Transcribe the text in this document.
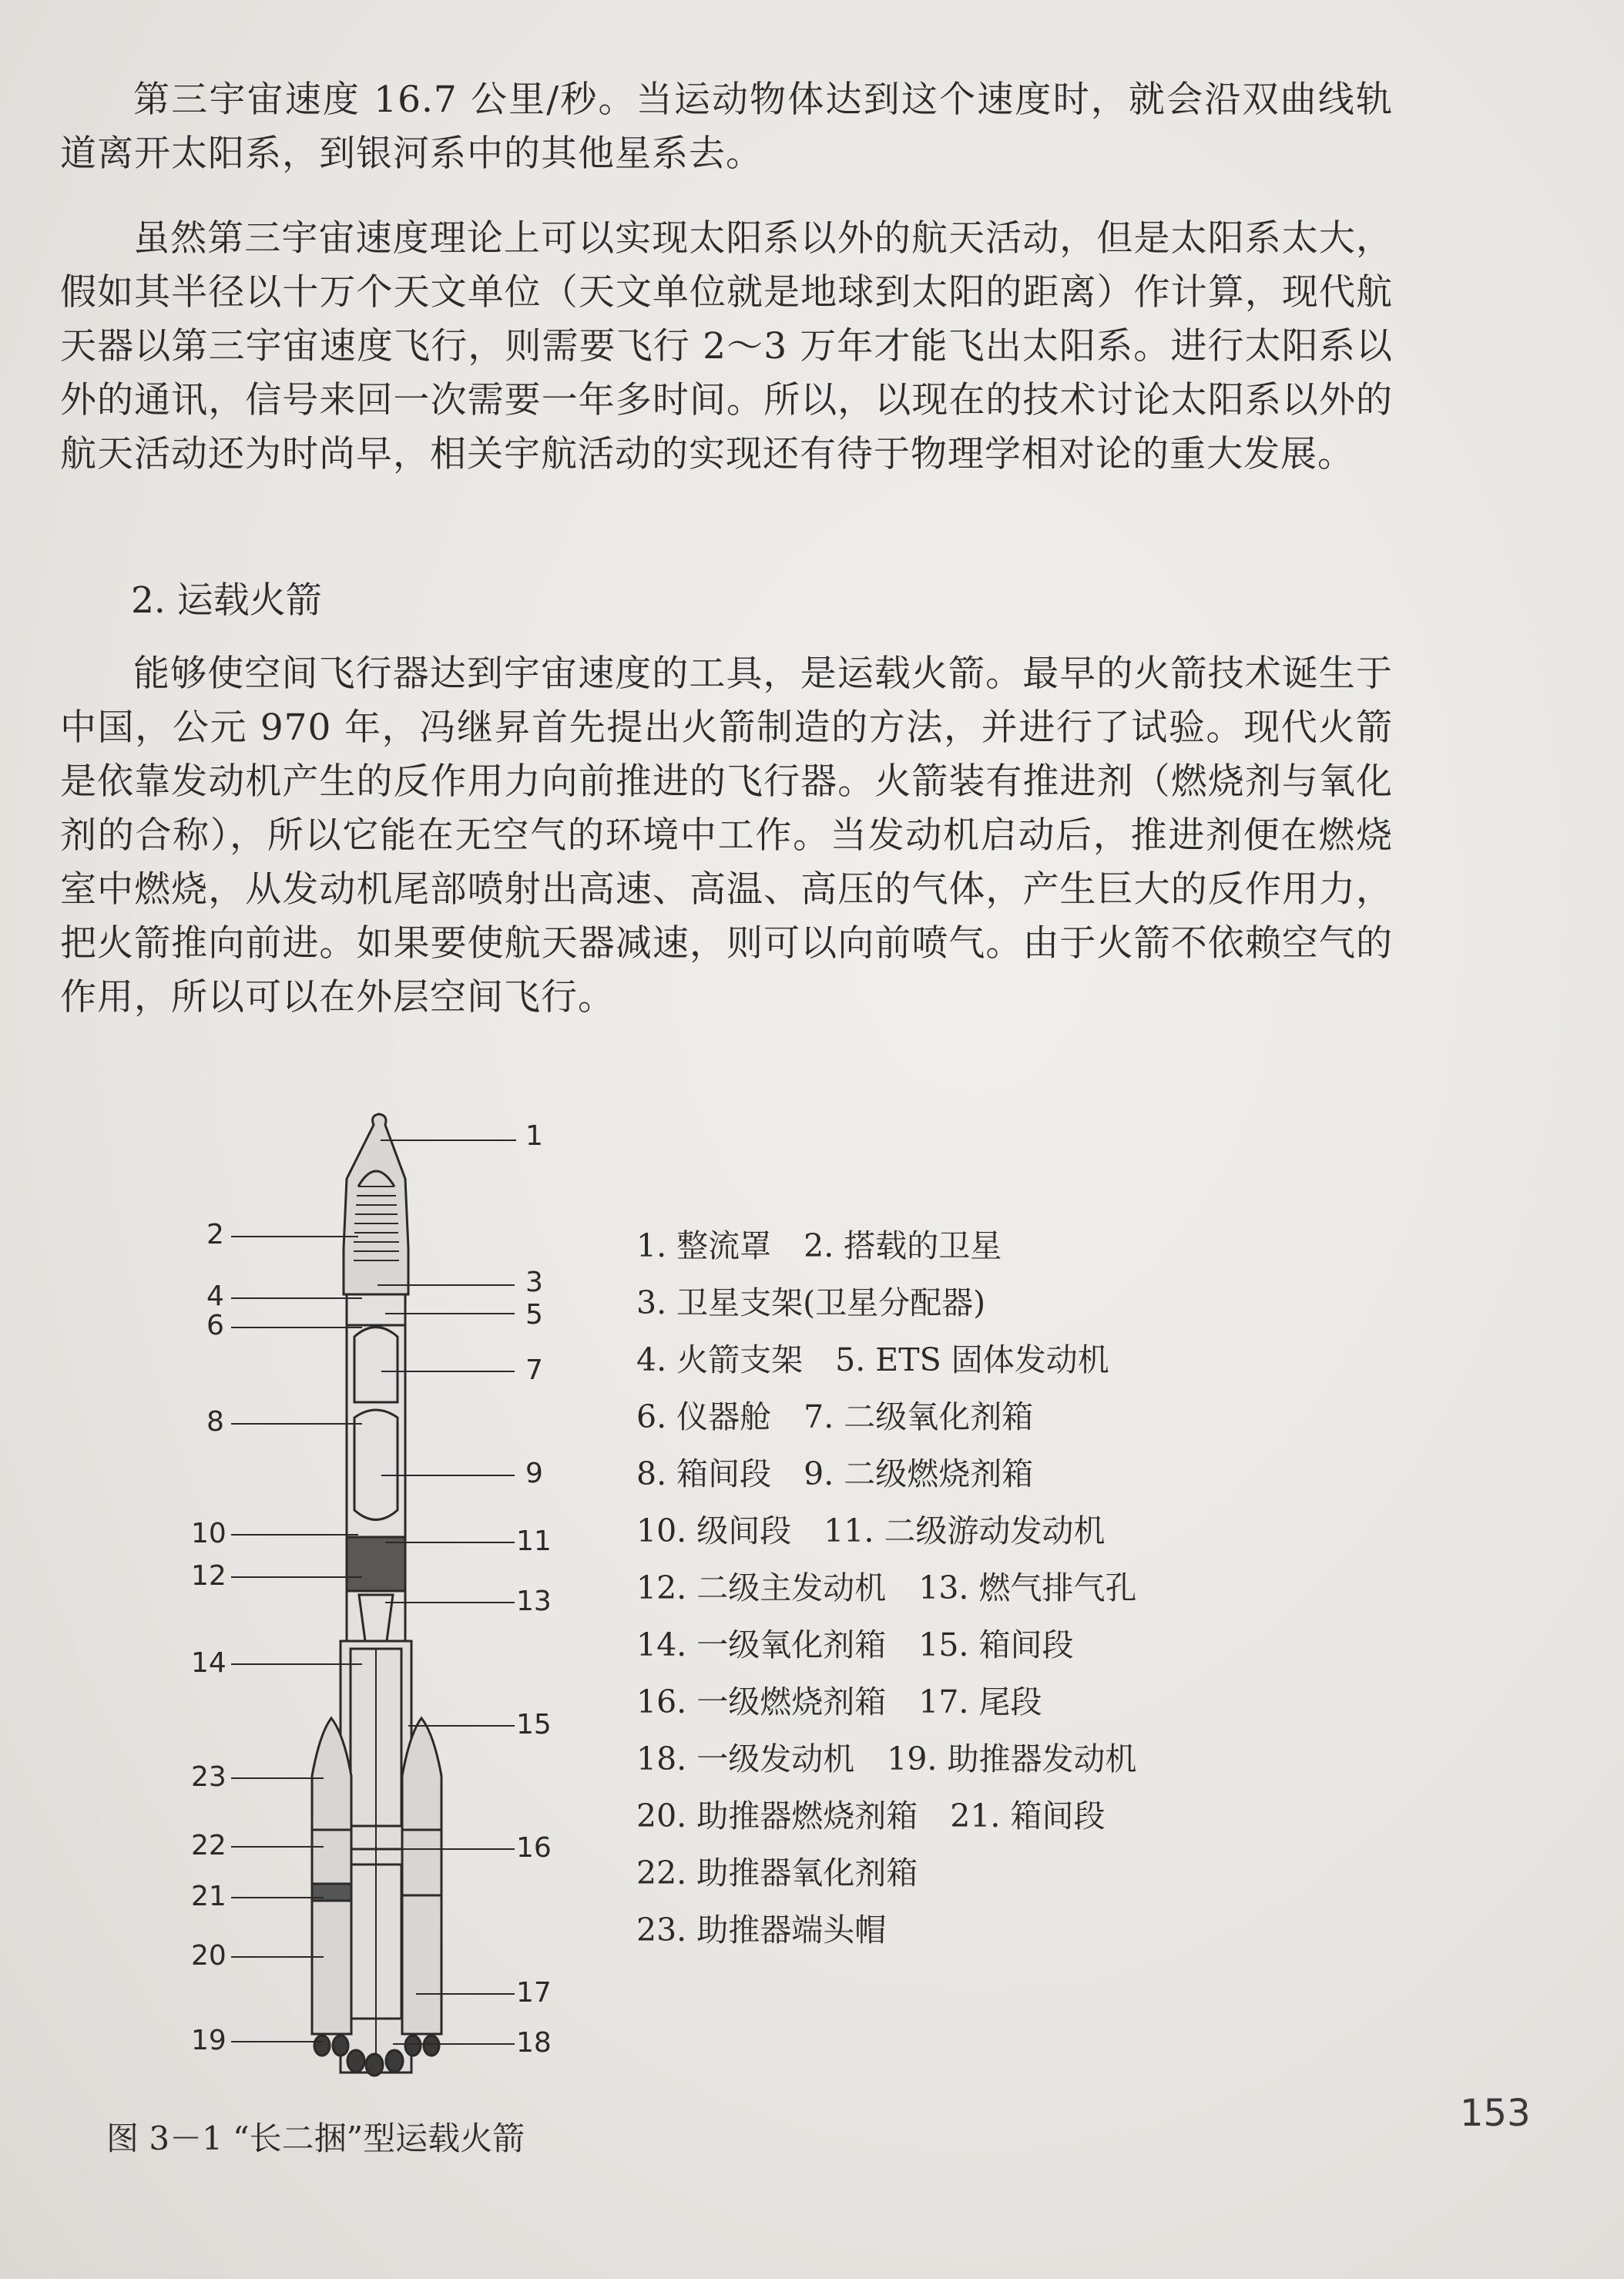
第三宇宙速度 16.7 公里/秒。当运动物体达到这个速度时，就会沿双曲线轨道离开太阳系，到银河系中的其他星系去。

虽然第三宇宙速度理论上可以实现太阳系以外的航天活动，但是太阳系太大，假如其半径以十万个天文单位（天文单位就是地球到太阳的距离）作计算，现代航天器以第三宇宙速度飞行，则需要飞行 2～3 万年才能飞出太阳系。进行太阳系以外的通讯，信号来回一次需要一年多时间。所以，以现在的技术讨论太阳系以外的航天活动还为时尚早，相关宇航活动的实现还有待于物理学相对论的重大发展。

2. 运载火箭

能够使空间飞行器达到宇宙速度的工具，是运载火箭。最早的火箭技术诞生于中国，公元 970 年，冯继昇首先提出火箭制造的方法，并进行了试验。现代火箭是依靠发动机产生的反作用力向前推进的飞行器。火箭装有推进剂（燃烧剂与氧化剂的合称），所以它能在无空气的环境中工作。当发动机启动后，推进剂便在燃烧室中燃烧，从发动机尾部喷射出高速、高温、高压的气体，产生巨大的反作用力，把火箭推向前进。如果要使航天器减速，则可以向前喷气。由于火箭不依赖空气的作用，所以可以在外层空间飞行。

1
2
3
4
5
6
7
8
9
10	11
12
13
14
15
16
17
18
19
20
21
22
23
1. 整流罩 2. 搭载的卫星
3. 卫星支架(卫星分配器)
4. 火箭支架 5. ETS 固体发动机
6. 仪器舱 7. 二级氧化剂箱
8. 箱间段 9. 二级燃烧剂箱
10. 级间段 11. 二级游动发动机
12. 二级主发动机 13. 燃气排气孔
14. 一级氧化剂箱 15. 箱间段
16. 一级燃烧剂箱 17. 尾段
18. 一级发动机 19. 助推器发动机
20. 助推器燃烧剂箱 21. 箱间段
22. 助推器氧化剂箱
23. 助推器端头帽
图 3－1 “长二捆”型运载火箭
153
